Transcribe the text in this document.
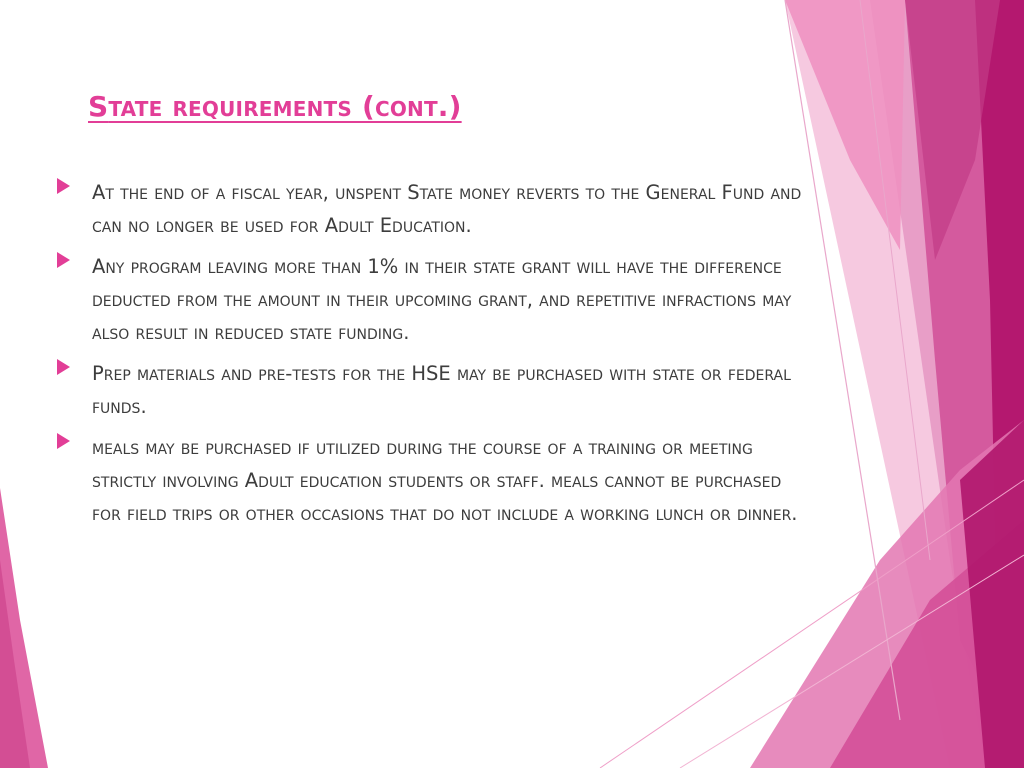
state requirements (cont.)
At the end of a fiscal year, unspent State money reverts to the General Fund and can no longer be used for Adult Education.
Any program leaving more than 1% in their state grant will have the difference deducted from the amount in their upcoming grant, and repetitive infractions may also result in reduced state funding.
Prep materials and pre-tests for the HSE may be purchased with state or federal funds.
meals may be purchased if utilized during the course of a training or meeting strictly involving Adult education students or staff. meals cannot be purchased for field trips or other occasions that do not include a working lunch or dinner.
